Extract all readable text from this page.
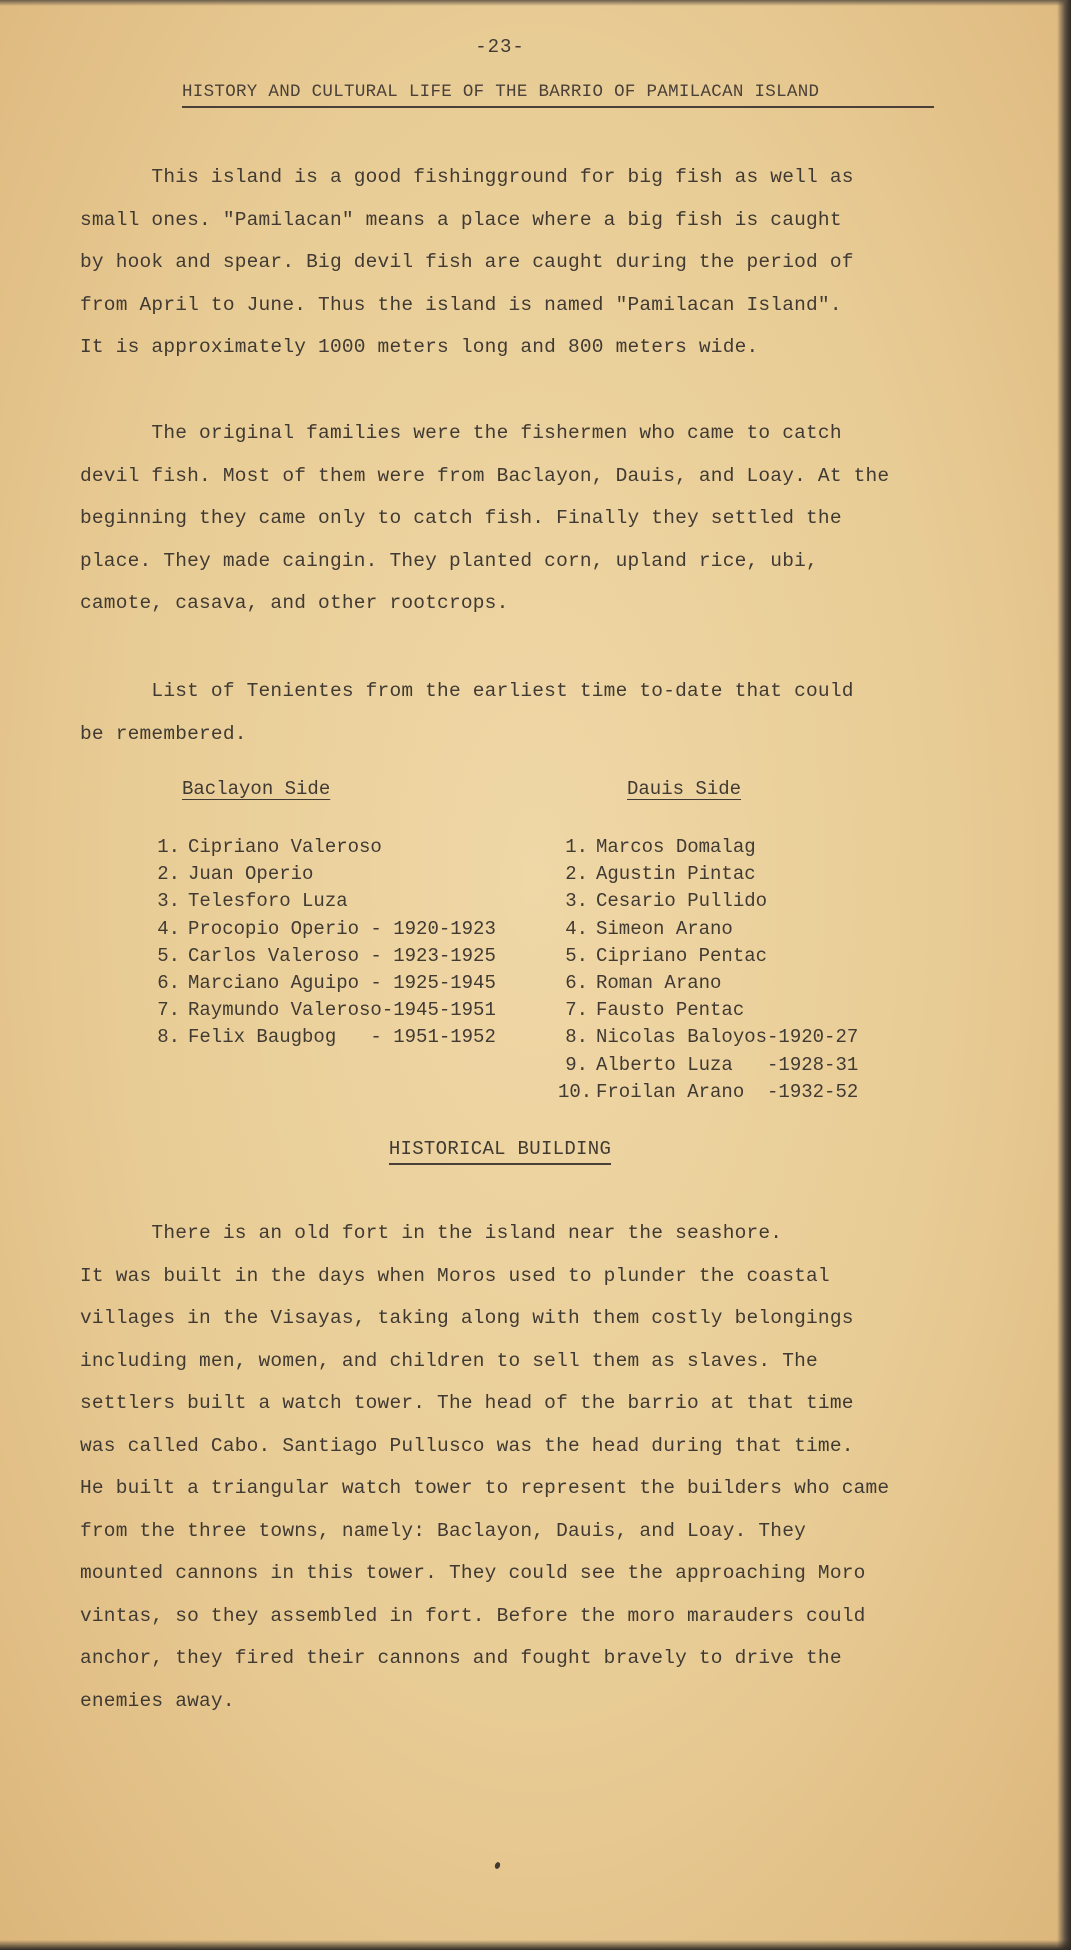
-23-
HISTORY AND CULTURAL LIFE OF THE BARRIO OF PAMILACAN ISLAND
This island is a good fishingground for big fish as well as
small ones. "Pamilacan" means a place where a big fish is caught
by hook and spear. Big devil fish are caught during the period of
from April to June. Thus the island is named "Pamilacan Island".
It is approximately 1000 meters long and 800 meters wide.
The original families were the fishermen who came to catch
devil fish. Most of them were from Baclayon, Dauis, and Loay. At the
beginning they came only to catch fish. Finally they settled the
place. They made caingin. They planted corn, upland rice, ubi,
camote, casava, and other rootcrops.
List of Tenientes from the earliest time to-date that could
be remembered.
Baclayon Side	Dauis Side
1. Cipriano Valeroso
2. Juan Operio
3. Telesforo Luza
4. Procopio Operio - 1920-1923
5. Carlos Valeroso - 1923-1925
6. Marciano Aguipo - 1925-1945
7. Raymundo Valeroso-1945-1951
8. Felix Baugbog   - 1951-1952
1. Marcos Domalag
2. Agustin Pintac
3. Cesario Pullido
4. Simeon Arano
5. Cipriano Pentac
6. Roman Arano
7. Fausto Pentac
8. Nicolas Baloyos-1920-27
9. Alberto Luza   -1928-31
10. Froilan Arano  -1932-52
HISTORICAL BUILDING
There is an old fort in the island near the seashore.
It was built in the days when Moros used to plunder the coastal
villages in the Visayas, taking along with them costly belongings
including men, women, and children to sell them as slaves. The
settlers built a watch tower. The head of the barrio at that time
was called Cabo. Santiago Pullusco was the head during that time.
He built a triangular watch tower to represent the builders who came
from the three towns, namely: Baclayon, Dauis, and Loay. They
mounted cannons in this tower. They could see the approaching Moro
vintas, so they assembled in fort. Before the moro marauders could
anchor, they fired their cannons and fought bravely to drive the
enemies away.
